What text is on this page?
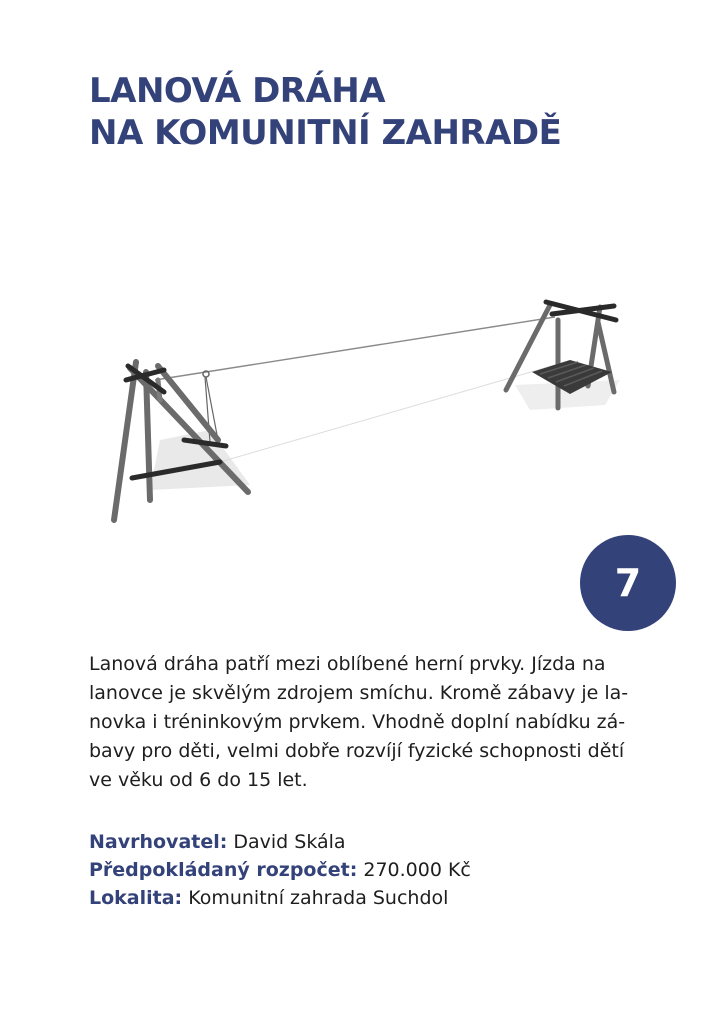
LANOVÁ DRÁHA
NA KOMUNITNÍ ZAHRADĚ
7

Lanová dráha patří mezi oblíbené herní prvky. Jízda na
lanovce je skvělým zdrojem smíchu. Kromě zábavy je la-
novka i tréninkovým prvkem. Vhodně doplní nabídku zá-
bavy pro děti, velmi dobře rozvíjí fyzické schopnosti dětí
ve věku od 6 do 15 let.

Navrhovatel: David Skála
Předpokládaný rozpočet: 270.000 Kč
Lokalita: Komunitní zahrada Suchdol
